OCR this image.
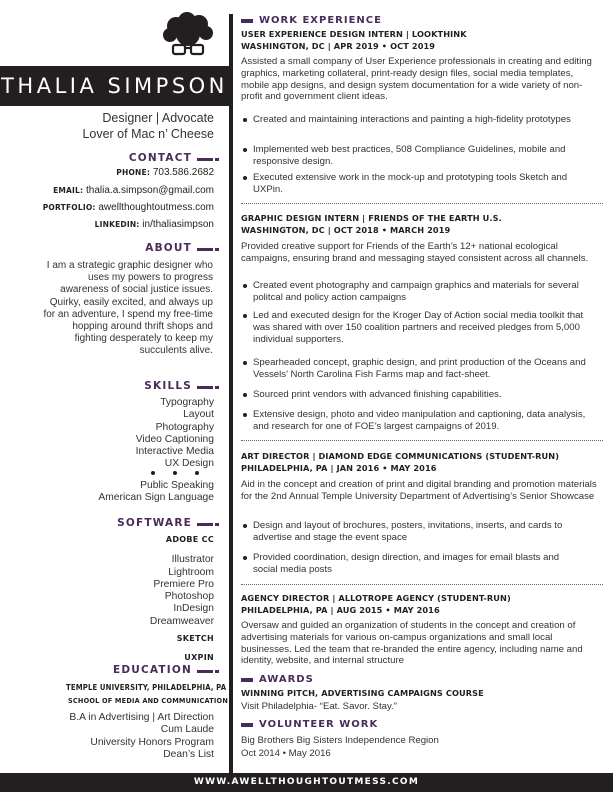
THALIA SIMPSON
Designer | Advocate
Lover of Mac n’ Cheese
CONTACT
PHONE: 703.586.2682
EMAIL: thalia.a.simpson@gmail.com
PORTFOLIO: awellthoughtoutmess.com
LINKEDIN: in/thaliasimpson
ABOUT
I am a strategic graphic designer who uses my powers to progress awareness of social justice issues. Quirky, easily excited, and always up for an adventure, I spend my free-time hopping around thrift shops and fighting desperately to keep my succulents alive.
SKILLS
Typography
Layout
Photography
Video Captioning
Interactive Media
UX Design
Public Speaking
American Sign Language
SOFTWARE
ADOBE CC
Illustrator
Lightroom
Premiere Pro
Photoshop
InDesign
Dreamweaver
SKETCH
UXPIN
EDUCATION
TEMPLE UNIVERSITY, PHILADELPHIA, PA
SCHOOL OF MEDIA AND COMMUNICATION
B.A in Advertising | Art Direction
Cum Laude
University Honors Program
Dean’s List
WORK EXPERIENCE
USER EXPERIENCE DESIGN INTERN | LOOKTHINK
WASHINGTON, DC | APR 2019 • OCT 2019
Assisted a small company of User Experience professionals in creating and editing graphics, marketing collateral, print-ready design files, social media templates, mobile app designs, and design system documentation for a wide variety of non-profit and government client ideas.
Created and maintaining interactions and painting a high-fidelity prototypes
Implemented web best practices, 508 Compliance Guidelines, mobile and responsive design.
Executed extensive work in the mock-up and prototyping tools Sketch and UXPin.
GRAPHIC DESIGN INTERN | FRIENDS OF THE EARTH U.S.
WASHINGTON, DC | OCT 2018 • MARCH 2019
Provided creative support for Friends of the Earth’s 12+ national ecological campaigns, ensuring brand and messaging stayed consistent across all channels.
Created event photography and campaign graphics and materials for several politcal and policy action campaigns
Led and executed design for the Kroger Day of Action social media toolkit that was shared with over 150 coalition partners and received pledges from 5,000 individual supporters.
Spearheaded concept, graphic design, and print production of the Oceans and Vessels’ North Carolina Fish Farms map and fact-sheet.
Sourced print vendors with advanced finishing capabilities.
Extensive design, photo and video manipulation and captioning, data analysis, and research for one of FOE’s largest campaigns of 2019.
ART DIRECTOR | DIAMOND EDGE COMMUNICATIONS (STUDENT-RUN)
PHILADELPHIA, PA | JAN 2016 • MAY 2016
Aid in the concept and creation of print and digital branding and promotion materials for the 2nd Annual Temple University Department of Advertising’s Senior Showcase
Design and layout of brochures, posters, invitations, inserts, and cards to advertise and stage the event space
Provided coordination, design direction, and images for email blasts and social media posts
AGENCY DIRECTOR | ALLOTROPE AGENCY (STUDENT-RUN)
PHILADELPHIA, PA | AUG 2015 • MAY 2016
Oversaw and guided an organization of students in the concept and creation of advertising materials for various on-campus organizations and small local businesses. Led the team that re-branded the entire agency, including name and identity, website, and internal structure
AWARDS
WINNING PITCH, ADVERTISING CAMPAIGNS COURSE
Visit Philadelphia- “Eat. Savor. Stay.”
VOLUNTEER WORK
Big Brothers Big Sisters Independence Region
Oct 2014 • May 2016
WWW.AWELLTHOUGHTOUTMESS.COM
